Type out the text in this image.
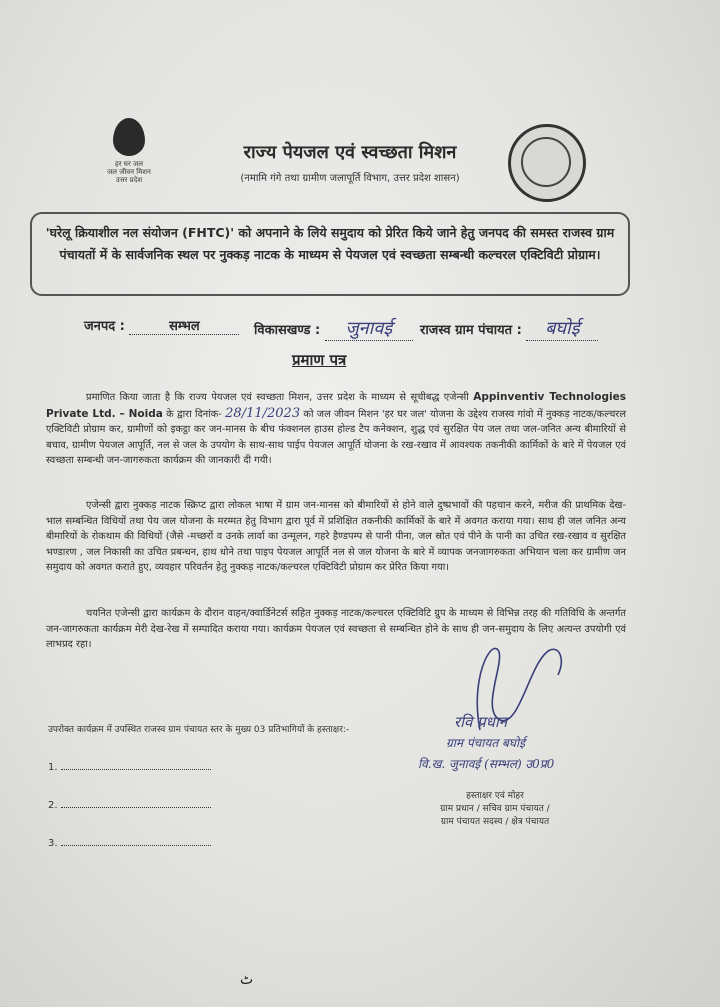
हर घर जल
जल जीवन मिशन
उत्तर प्रदेश
राज्य पेयजल एवं स्वच्छता मिशन
(नमामि गंगे तथा ग्रामीण जलापूर्ति विभाग, उत्तर प्रदेश शासन)
'घरेलू क्रियाशील नल संयोजन (FHTC)' को अपनाने के लिये समुदाय को प्रेरित किये जाने हेतु जनपद की समस्त राजस्व ग्राम पंचायतों में के सार्वजनिक स्थल पर नुक्कड़ नाटक के माध्यम से पेयजल एवं स्वच्छता सम्बन्धी कल्चरल एक्टिविटी प्रोग्राम।
जनपद :	सम्भल	विकासखण्ड : जुनावई	राजस्व ग्राम पंचायत : बघोई
प्रमाण पत्र
प्रमाणित किया जाता है कि राज्य पेयजल एवं स्वच्छता मिशन, उत्तर प्रदेश के माध्यम से सूचीबद्ध एजेन्सी Appinventiv Technologies Private Ltd. – Noida के द्वारा दिनांक- 28/11/2023 को जल जीवन मिशन 'हर घर जल' योजना के उद्देश्य राजस्व गांवो में नुक्कड़ नाटक/कल्चरल एक्टिविटी प्रोग्राम कर, ग्रामीणों को इकट्ठा कर जन-मानस के बीच फंक्शनल हाउस होल्ड टैप कनेक्शन, शुद्ध एवं सुरक्षित पेय जल तथा जल-जनित अन्य बीमारियों से बचाव, ग्रामीण पेयजल आपूर्ति, नल से जल के उपयोग के साथ-साथ पाईप पेयजल आपूर्ति योजना के रख-रखाव में आवश्यक तकनीकी कार्मिकों के बारे में पेयजल एवं स्वच्छता सम्बन्धी जन-जागरुकता कार्यक्रम की जानकारी दी गयी।
एजेन्सी द्वारा नुक्कड़ नाटक स्क्रिप्ट द्वारा लोकल भाषा में ग्राम जन-मानस को बीमारियों से होने वाले दुष्प्रभावों की पहचान करने, मरीज की प्राथमिक देख-भाल सम्बन्धित विधियों तथा पेय जल योजना के मरम्मत हेतु विभाग द्वारा पूर्व में प्रशिक्षित तकनीकी कार्मिकों के बारे में अवगत कराया गया। साथ ही जल जनित अन्य बीमारियों के रोकथाम की विधियों (जैसे -मच्छरों व उनके लार्वा का उन्मूलन, गहरे हैण्डपम्प से पानी पीना, जल स्रोत एवं पीने के पानी का उचित रख-रखाव व सुरक्षित भण्डारण , जल निकासी का उचित प्रबन्धन, हाथ धोने तथा पाइप पेयजल आपूर्ति नल से जल योजना के बारे में व्यापक जनजागरुकता अभियान चला कर ग्रामीण जन समुदाय को अवगत कराते हुए, व्यवहार परिवर्तन हेतु नुक्कड़ नाटक/कल्चरल एक्टिविटी प्रोग्राम कर प्रेरित किया गया।
चयनित एजेन्सी द्वारा कार्यक्रम के दौरान वाहन/क्वार्डिनेटर्स सहित नुक्कड़ नाटक/कल्चरल एक्टिविटि ग्रुप के माध्यम से विभिन्न तरह की गतिविधि के अन्तर्गत जन-जागरुकता कार्यक्रम मेरी देख-रेख में सम्पादित कराया गया। कार्यक्रम पेयजल एवं स्वच्छता से सम्बन्धित होने के साथ ही जन-समुदाय के लिए अत्यन्त उपयोगी एवं लाभप्रद रहा।
उपरोक्त कार्यक्रम में उपस्थित राजस्व ग्राम पंचायत स्तर के मुख्य 03 प्रतिभागियों के हस्ताक्षर:-
1.
2.
3.
रवि प्रधान
ग्राम पंचायत बघोई
वि.ख. जुनावई (सम्भल) उ0प्र0
हस्ताक्षर एवं मोहर
ग्राम प्रधान / सचिव ग्राम पंचायत /
ग्राम पंचायत सदस्य / क्षेत्र पंचायत
ٹ
